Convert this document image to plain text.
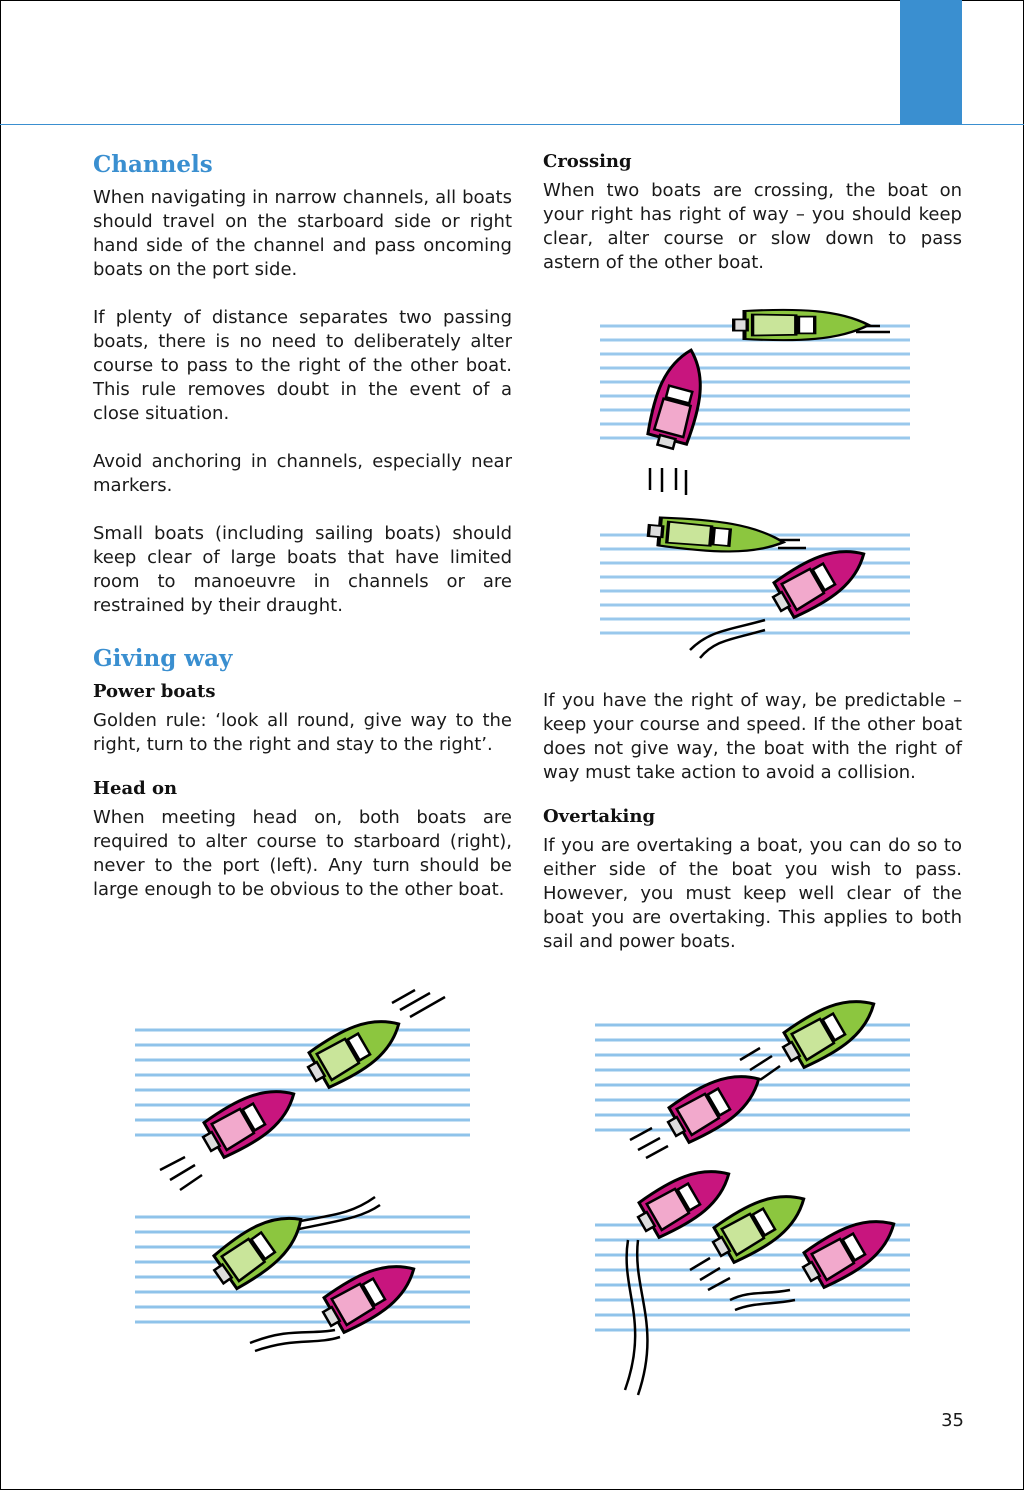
Channels

When navigating in narrow channels, all boats should travel on the starboard side or right hand side of the channel and pass oncoming boats on the port side.

If plenty of distance separates two passing boats, there is no need to deliberately alter course to pass to the right of the other boat. This rule removes doubt in the event of a close situation.

Avoid anchoring in channels, especially near markers.

Small boats (including sailing boats) should keep clear of large boats that have limited room to manoeuvre in channels or are restrained by their draught.

Giving way
Power boats

Golden rule: ‘look all round, give way to the right, turn to the right and stay to the right’.

Head on

When meeting head on, both boats are required to alter course to starboard (right), never to the port (left). Any turn should be large enough to be obvious to the other boat.

Crossing

When two boats are crossing, the boat on your right has right of way – you should keep clear, alter course or slow down to pass astern of the other boat.

If you have the right of way, be predictable – keep your course and speed. If the other boat does not give way, the boat with the right of way must take action to avoid a collision.

Overtaking

If you are overtaking a boat, you can do so to either side of the boat you wish to pass. However, you must keep well clear of the boat you are overtaking. This applies to both sail and power boats.

35
